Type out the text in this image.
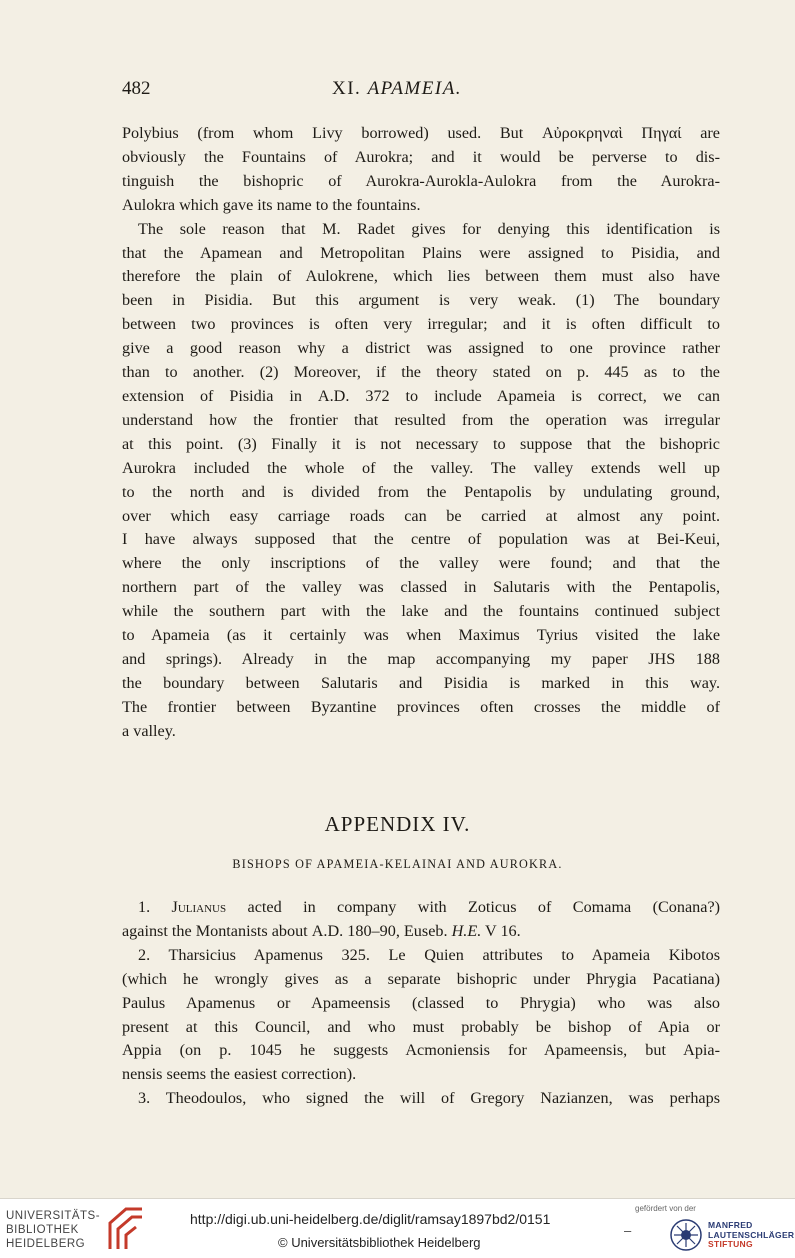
482	XI. APAMEIA.
Polybius (from whom Livy borrowed) used. But Αὐροκρηναὶ Πηγαί are
obviously the Fountains of Aurokra; and it would be perverse to dis-
tinguish the bishopric of Aurokra-Aurokla-Aulokra from the Aurokra-
Aulokra which gave its name to the fountains.
The sole reason that M. Radet gives for denying this identification is
that the Apamean and Metropolitan Plains were assigned to Pisidia, and
therefore the plain of Aulokrene, which lies between them must also have
been in Pisidia. But this argument is very weak. (1) The boundary
between two provinces is often very irregular; and it is often difficult to
give a good reason why a district was assigned to one province rather
than to another. (2) Moreover, if the theory stated on p. 445 as to the
extension of Pisidia in A.D. 372 to include Apameia is correct, we can
understand how the frontier that resulted from the operation was irregular
at this point. (3) Finally it is not necessary to suppose that the bishopric
Aurokra included the whole of the valley. The valley extends well up
to the north and is divided from the Pentapolis by undulating ground,
over which easy carriage roads can be carried at almost any point.
I have always supposed that the centre of population was at Bei-Keui,
where the only inscriptions of the valley were found; and that the
northern part of the valley was classed in Salutaris with the Pentapolis,
while the southern part with the lake and the fountains continued subject
to Apameia (as it certainly was when Maximus Tyrius visited the lake
and springs). Already in the map accompanying my paper JHS 188
the boundary between Salutaris and Pisidia is marked in this way.
The frontier between Byzantine provinces often crosses the middle of
a valley.
APPENDIX IV.
BISHOPS OF APAMEIA-KELAINAI AND AUROKRA.
1. Julianus acted in company with Zoticus of Comama (Conana?)
against the Montanists about A.D. 180–90, Euseb. H.E. V 16.
2. Tharsicius Apamenus 325. Le Quien attributes to Apameia Kibotos
(which he wrongly gives as a separate bishopric under Phrygia Pacatiana)
Paulus Apamenus or Apameensis (classed to Phrygia) who was also
present at this Council, and who must probably be bishop of Apia or
Appia (on p. 1045 he suggests Acmoniensis for Apameensis, but Apia-
nensis seems the easiest correction).
3. Theodoulos, who signed the will of Gregory Nazianzen, was perhaps
UNIVERSITÄTS-
BIBLIOTHEK
HEIDELBERG
http://digi.ub.uni-heidelberg.de/diglit/ramsay1897bd2/0151
© Universitätsbibliothek Heidelberg
–
gefördert von der
MANFRED
LAUTENSCHLÄGER
STIFTUNG
